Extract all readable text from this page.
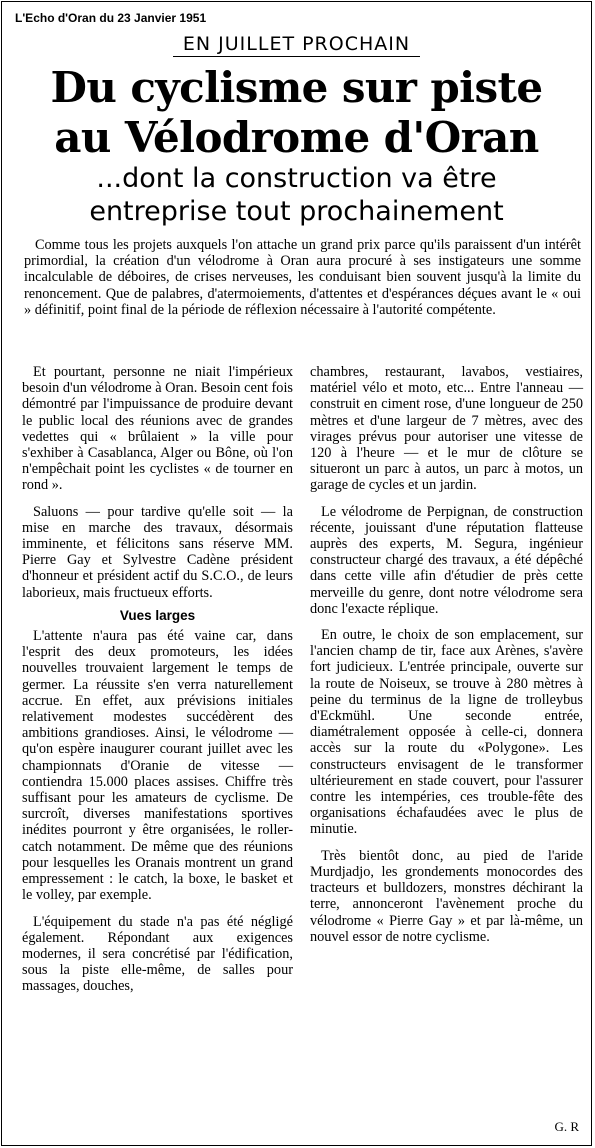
L'Echo d'Oran du 23 Janvier 1951
EN JUILLET PROCHAIN
Du cyclisme sur piste
au Vélodrome d'Oran
...dont la construction va être
entreprise tout prochainement
Comme tous les projets auxquels l'on attache un grand prix parce qu'ils paraissent d'un intérêt primordial, la création d'un vélodrome à Oran aura procuré à ses instigateurs une somme incalculable de déboires, de crises nerveuses, les conduisant bien souvent jusqu'à la limite du renoncement. Que de palabres, d'atermoiements, d'attentes et d'espérances déçues avant le « oui » définitif, point final de la période de réflexion nécessaire à l'autorité compétente.

Et pourtant, personne ne niait l'impérieux besoin d'un vélodrome à Oran. Besoin cent fois démontré par l'impuissance de produire devant le public local des réunions avec de grandes vedettes qui « brûlaient » la ville pour s'exhiber à Casablanca, Alger ou Bône, où l'on n'empêchait point les cyclistes « de tourner en rond ».

Saluons — pour tardive qu'elle soit — la mise en marche des travaux, désormais imminente, et félicitons sans réserve MM. Pierre Gay et Sylvestre Cadène président d'honneur et président actif du S.C.O., de leurs laborieux, mais fructueux efforts.

Vues larges

L'attente n'aura pas été vaine car, dans l'esprit des deux promoteurs, les idées nouvelles trouvaient largement le temps de germer. La réussite s'en verra naturellement accrue. En effet, aux prévisions initiales relativement modestes succédèrent des ambitions grandioses. Ainsi, le vélodrome — qu'on espère inaugurer courant juillet avec les championnats d'Oranie de vitesse — contiendra 15.000 places assises. Chiffre très suffisant pour les amateurs de cyclisme. De surcroît, diverses manifestations sportives inédites pourront y être organisées, le roller-catch notamment. De même que des réunions pour lesquelles les Oranais montrent un grand empressement : le catch, la boxe, le basket et le volley, par exemple.

L'équipement du stade n'a pas été négligé également. Répondant aux exigences modernes, il sera concrétisé par l'édification, sous la piste elle-même, de salles pour massages, douches,

chambres, restaurant, lavabos, vestiaires, matériel vélo et moto, etc... Entre l'anneau — construit en ciment rose, d'une longueur de 250 mètres et d'une largeur de 7 mètres, avec des virages prévus pour autoriser une vitesse de 120 à l'heure — et le mur de clôture se situeront un parc à autos, un parc à motos, un garage de cycles et un jardin.

Le vélodrome de Perpignan, de construction récente, jouissant d'une réputation flatteuse auprès des experts, M. Segura, ingénieur constructeur chargé des travaux, a été dépêché dans cette ville afin d'étudier de près cette merveille du genre, dont notre vélodrome sera donc l'exacte réplique.

En outre, le choix de son emplacement, sur l'ancien champ de tir, face aux Arènes, s'avère fort judicieux. L'entrée principale, ouverte sur la route de Noiseux, se trouve à 280 mètres à peine du terminus de la ligne de trolleybus d'Eckmühl. Une seconde entrée, diamétralement opposée à celle-ci, donnera accès sur la route du «Polygone». Les constructeurs envisagent de le transformer ultérieurement en stade couvert, pour l'assurer contre les intempéries, ces trouble-fête des organisations échafaudées avec le plus de minutie.

Très bientôt donc, au pied de l'aride Murdjadjo, les grondements monocordes des tracteurs et bulldozers, monstres déchirant la terre, annonceront l'avènement proche du vélodrome « Pierre Gay » et par là-même, un nouvel essor de notre cyclisme.

G. R
